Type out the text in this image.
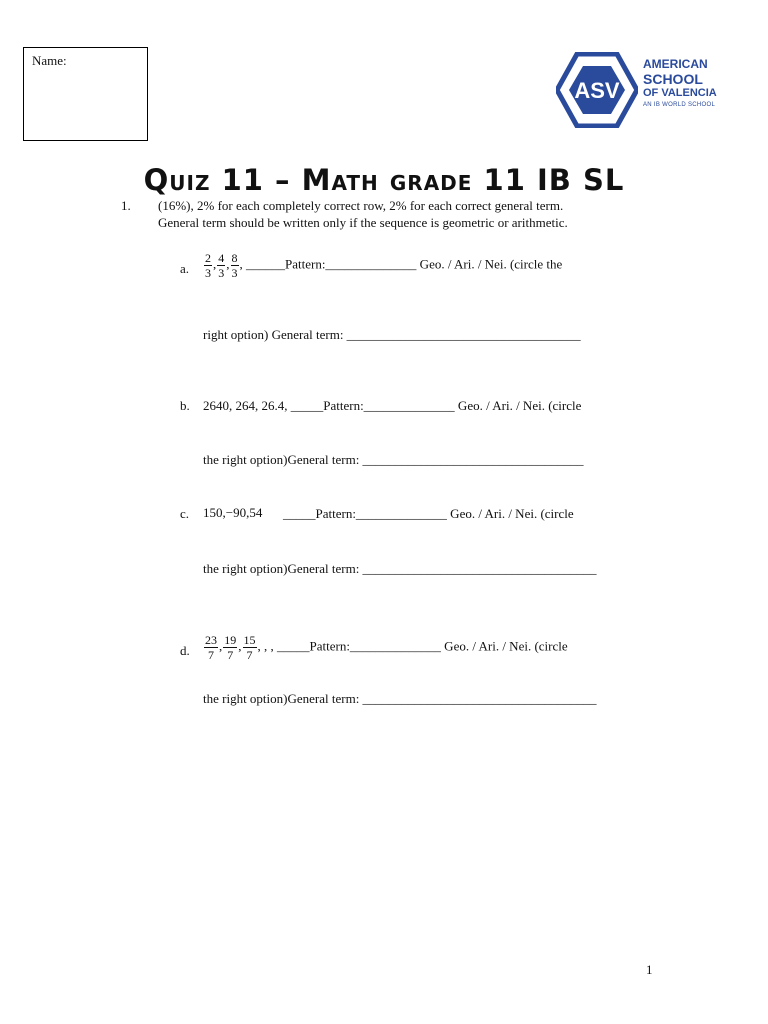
Name:
ASV
AMERICAN
SCHOOL
OF VALENCIA
AN IB WORLD SCHOOL
Quiz 11 – Math grade 11 IB SL
1. (16%), 2% for each completely correct row, 2% for each correct general term.
General term should be written only if the sequence is geometric or arithmetic.
a. $\frac{2}{3}$ , $\frac{4}{3}$ , $\frac{8}{3}$ , ______Pattern:______________ Geo. / Ari. / Nei. (circle the
right option) General term: ____________________________________
b. 2640, 264, 26.4, _____Pattern:______________ Geo. / Ari. / Nei. (circle
the right option)General term: __________________________________
c. 150,−90,54 _____Pattern:______________ Geo. / Ari. / Nei. (circle
the right option)General term: ____________________________________
d. $\frac{23}{7}$ , $\frac{19}{7}$ , $\frac{15}{7}$ , , , _____Pattern:______________ Geo. / Ari. / Nei. (circle
the right option)General term: ____________________________________
1
